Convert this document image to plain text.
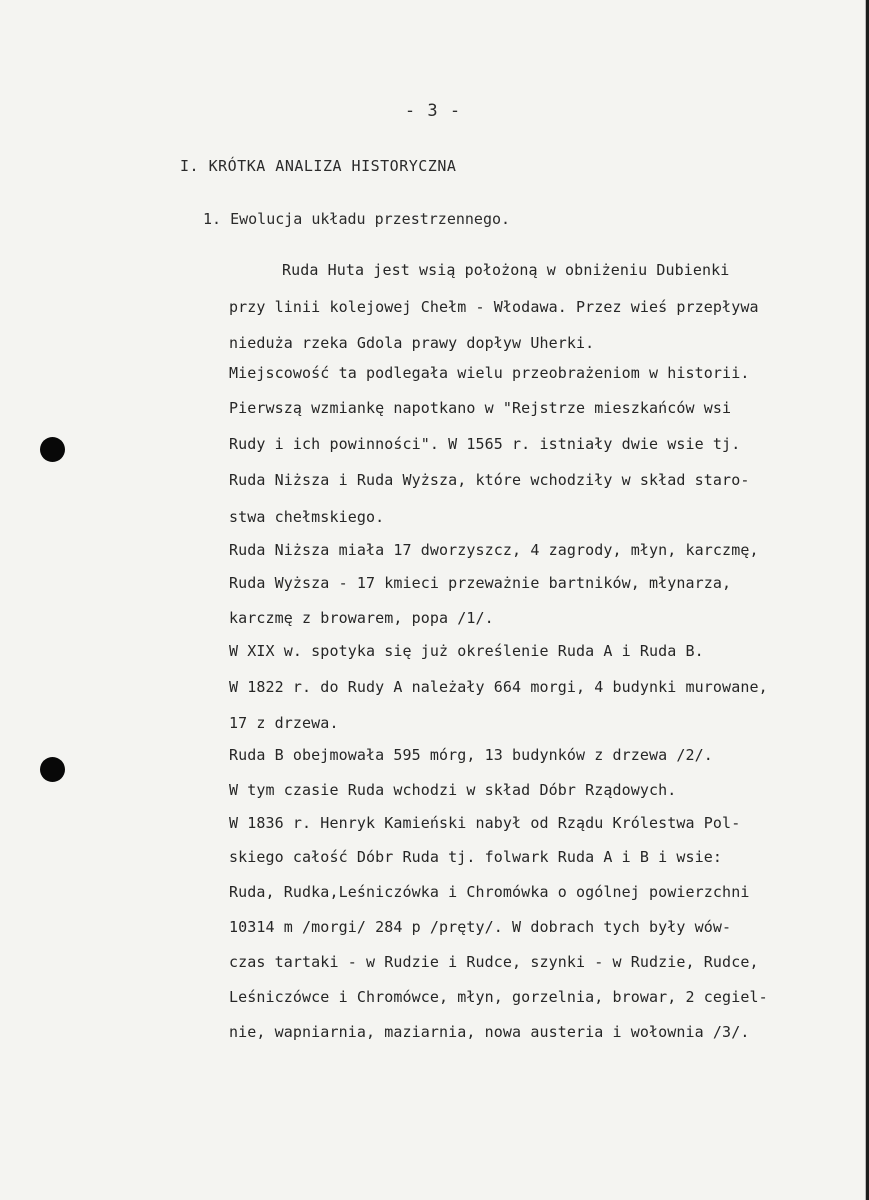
- 3 -
I. KRÓTKA ANALIZA HISTORYCZNA
1. Ewolucja układu przestrzennego.
Ruda Huta jest wsią położoną w obniżeniu Dubienki
przy linii kolejowej Chełm - Włodawa. Przez wieś przepływa
nieduża rzeka Gdola prawy dopływ Uherki.
Miejscowość ta podlegała wielu przeobrażeniom w historii.
Pierwszą wzmiankę napotkano w "Rejstrze mieszkańców wsi
Rudy i ich powinności". W 1565 r. istniały dwie wsie tj.
Ruda Niższa i Ruda Wyższa, które wchodziły w skład staro-
stwa chełmskiego.
Ruda Niższa miała 17 dworzyszcz, 4 zagrody, młyn, karczmę,
Ruda Wyższa - 17 kmieci przeważnie bartników, młynarza,
karczmę z browarem, popa /1/.
W XIX w. spotyka się już określenie Ruda A i Ruda B.
W 1822 r. do Rudy A należały 664 morgi, 4 budynki murowane,
17 z drzewa.
Ruda B obejmowała 595 mórg, 13 budynków z drzewa /2/.
W tym czasie Ruda wchodzi w skład Dóbr Rządowych.
W 1836 r. Henryk Kamieński nabył od Rządu Królestwa Pol-
skiego całość Dóbr Ruda tj. folwark Ruda A i B i wsie:
Ruda, Rudka,Leśniczówka i Chromówka o ogólnej powierzchni
10314 m /morgi/ 284 p /pręty/. W dobrach tych były wów-
czas tartaki - w Rudzie i Rudce, szynki - w Rudzie, Rudce,
Leśniczówce i Chromówce, młyn, gorzelnia, browar, 2 cegiel-
nie, wapniarnia, maziarnia, nowa austeria i wołownia /3/.
